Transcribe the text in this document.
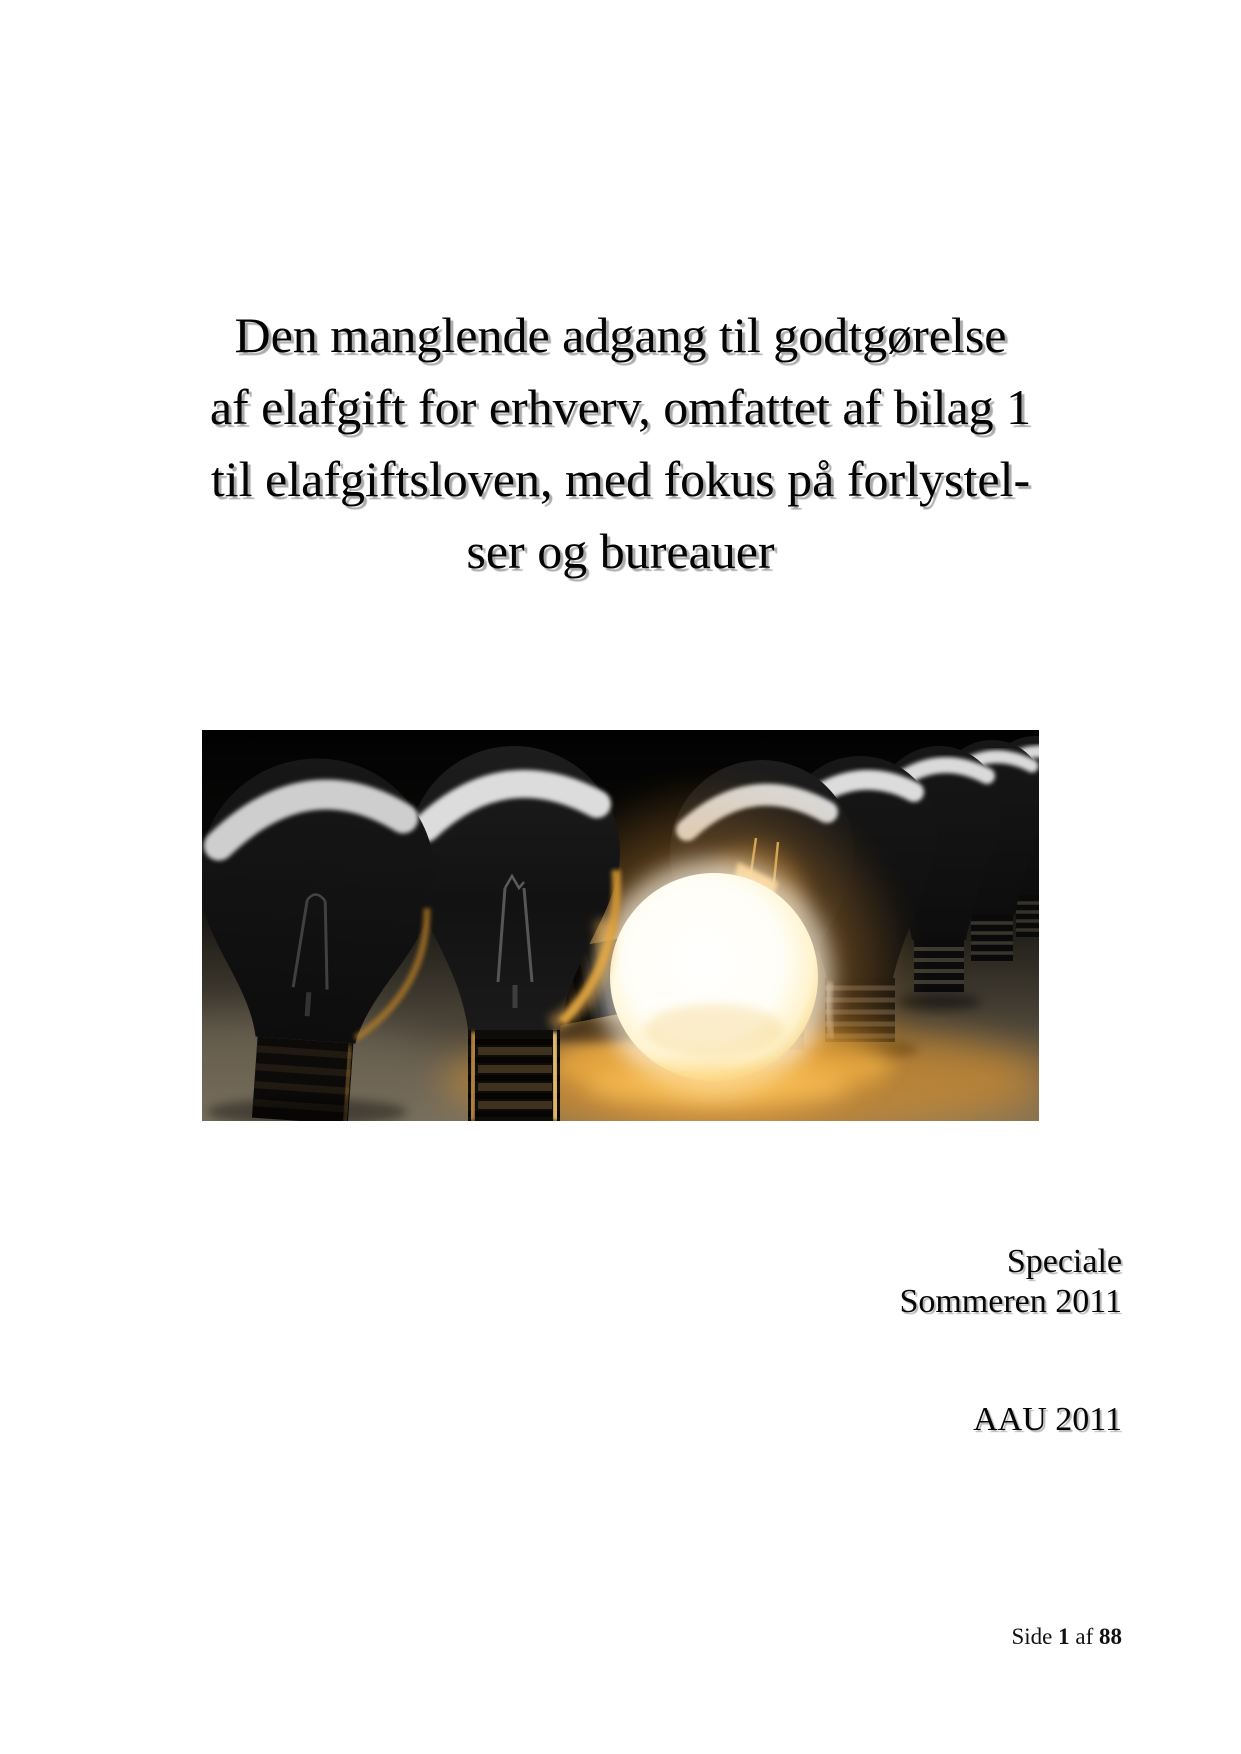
Den manglende adgang til godtgørelse
af elafgift for erhverv, omfattet af bilag 1
til elafgiftsloven, med fokus på forlystel-
ser og bureauer
Speciale
Sommeren 2011
AAU 2011
Side 1 af 88
